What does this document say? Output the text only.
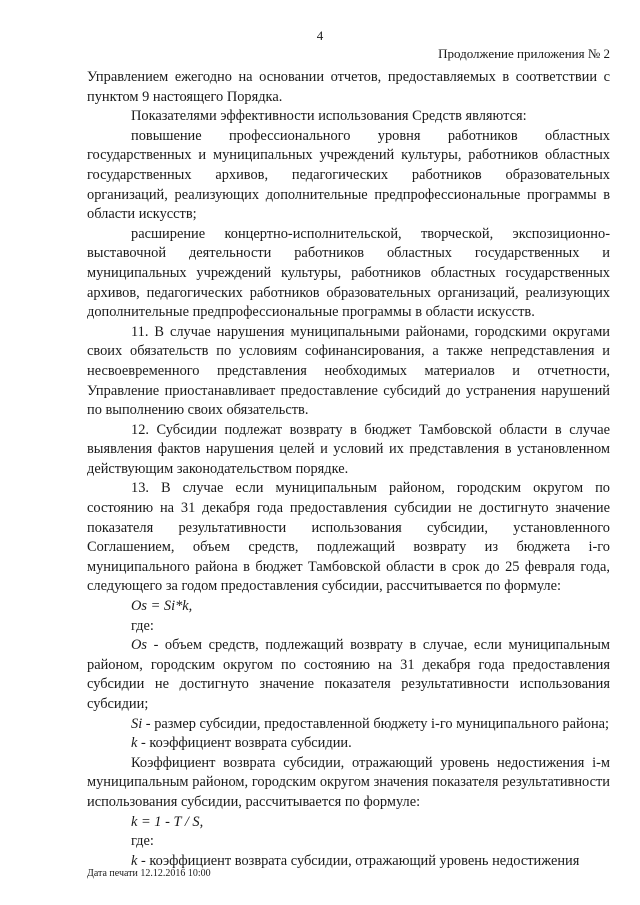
4
Продолжение приложения № 2

Управлением ежегодно на основании отчетов, предоставляемых в соответствии с пунктом 9 настоящего Порядка.

Показателями эффективности использования Средств являются:

повышение профессионального уровня работников областных государственных и муниципальных учреждений культуры, работников областных государственных архивов, педагогических работников образовательных организаций, реализующих дополнительные предпрофессиональные программы в области искусств;

расширение концертно-исполнительской, творческой, экспозиционно-выставочной деятельности работников областных государственных и муниципальных учреждений культуры, работников областных государственных архивов, педагогических работников образовательных организаций, реализующих дополнительные предпрофессиональные программы в области искусств.

11. В случае нарушения муниципальными районами, городскими округами своих обязательств по условиям софинансирования, а также непредставления и несвоевременного представления необходимых материалов и отчетности, Управление приостанавливает предоставление субсидий до устранения нарушений по выполнению своих обязательств.

12. Субсидии подлежат возврату в бюджет Тамбовской области в случае выявления фактов нарушения целей и условий их представления в установленном действующим законодательством порядке.

13. В случае если муниципальным районом, городским округом по состоянию на 31 декабря года предоставления субсидии не достигнуто значение показателя результативности использования субсидии, установленного Соглашением, объем средств, подлежащий возврату из бюджета i-го муниципального района в бюджет Тамбовской области в срок до 25 февраля года, следующего за годом предоставления субсидии, рассчитывается по формуле:

Os = Si*k,

где:

Os - объем средств, подлежащий возврату в случае, если муниципальным районом, городским округом по состоянию на 31 декабря года предоставления субсидии не достигнуто значение показателя результативности использования субсидии;

Si - размер субсидии, предоставленной бюджету i-го муниципального района;

k - коэффициент возврата субсидии.

Коэффициент возврата субсидии, отражающий уровень недостижения i-м муниципальным районом, городским округом значения показателя результативности использования субсидии, рассчитывается по формуле:

k = 1 - T / S,

где:

k - коэффициент возврата субсидии, отражающий уровень недостижения

Дата печати 12.12.2016 10:00
